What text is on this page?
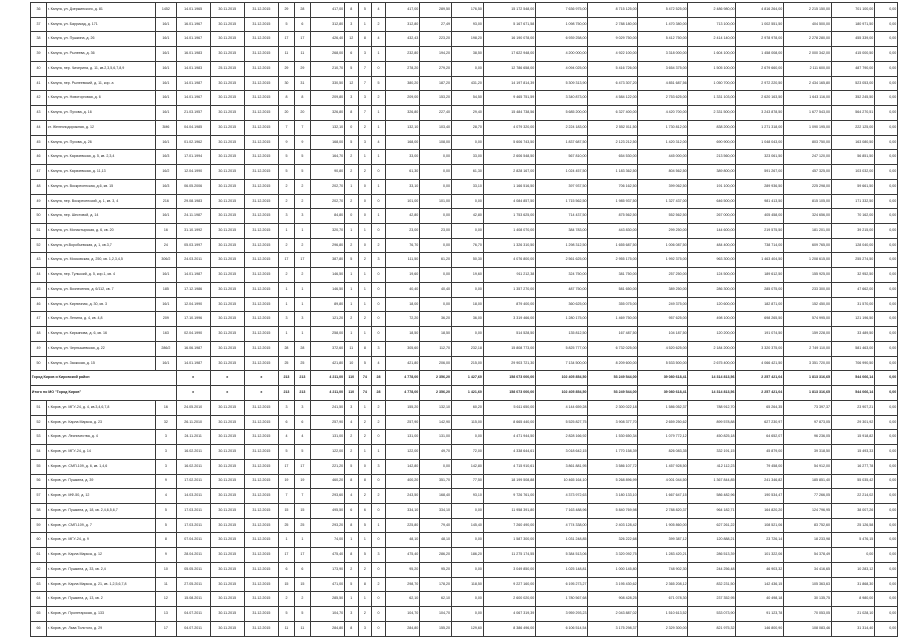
36	г. Калуга, ул. Дзержинского, д. 81	1452	14.01.1965	30.11.2015	31.12.2015	29	28	417,00	8	5	4	417,00	289,50	176,50	15 172 548,00	7 636 975,00	8 715 125,00	5 472 525,00	2 486 980,00	4 816 264,00	2 215 150,00	701 100,00	0,00
37	г. Калуга, ул. Баррикад, д. 171	16/1	16.01.1967	30.11.2015	31.12.2015	5	6	312,80	3	1	2	312,80	27,49	93,00	5 167 671,58	1 098 750,00	2 788 180,00	1 470 380,00	713 100,00	1 002 551,50	404 500,00	180 971,50	0,00
38	г. Калуга, ул. Пушкина, д. 26	16/1	14.01.1967	30.11.2015	31.12.2015	17	17	426,40	12	8	4	432,43	223,20	198,20	16 190 078,00	6 939 258,00	9 029 750,00	5 412 750,00	2 414 140,00	2 978 978,00	2 278 280,00	455 339,00	0,00
39	г. Калуга, ул. Рылеева, д. 36	16/1	16.01.1983	30.11.2015	31.12.2015	11	11	268,00	6	3	1	232,80	194,20	38,50	17 622 948,00	4 200 000,00	4 922 100,00	3 318 000,00	1 604 100,00	1 458 008,00	2 000 342,00	415 000,50	0,00
40	г. Калуга, пер. Чичерина, д. 11, кв.2,3,5,6,7,8,9	16/1	14.01.1983	25.11.2015	31.12.2015	29	29	210,70	5	7	0	278,20	279,20	0,00	12 786 658,00	4 094 025,00	5 416 726,00	3 654 375,00	1 505 100,00	2 679 660,00	2 111 600,00	487 790,00	0,00
41	г. Калуга, пер. Рылеевский, д. 11, кор. а	16/1	14.01.1987	30.11.2015	31.12.2015	30	31	330,50	12	7	5	380,20	187,20	431,20	14 197 814,39	5 309 313,90	6 473 307,20	4 851 687,56	1 050 700,00	2 972 220,50	2 434 165,80	523 053,00	0,00
42	г. Калуга, ул. Новоторговая, д. 6	16/1	14.01.1967	30.11.2015	31.12.2015	8	8	209,80	3	3	2	209,00	153,20	54,50	9 465 751,59	3 340 873,00	4 584 122,00	2 753 625,00	1 331 103,00	2 620 163,50	1 643 116,00	352 245,50	0,00
43	г. Калуга, ул. Пухова, д. 16	16/1	21.03.1957	30.11.2015	31.12.2015	20	20	326,80	8	7	1	326,80	227,40	29,40	15 484 738,56	5 685 200,00	6 327 400,00	4 420 700,00	2 331 500,00	3 243 878,50	1 677 543,00	564 270,51	0,00
44	ст. Железнодорожная, д. 12	3M6	04.04.1985	30.11.2015	31.12.2015	7	7	132,10	0	2	1	132,10	103,40	28,70	4 079 320,00	2 224 183,00	2 552 011,50	1 730 812,00	838 200,00	1 271 318,00	1 090 195,00	222 125,00	0,00
45	г. Калуга, ул. Пухова, д. 26	16/1	01.02.1962	30.11.2015	31.12.2015	9	9	168,00	5	3	4	168,00	108,00	0,00	5 606 743,50	1 837 687,50	2 123 212,50	1 420 312,00	690 900,00	1 048 043,00	803 750,00	163 080,50	0,00
46	г. Калуга, ул. Карачевская, д. 5, кв. 2,3,4	16/3	17.01.1994	30.11.2015	31.12.2015	5	5	164,70	2	1	1	33,00	0,00	33,00	2 606 548,50	567 810,00	654 530,00	445 000,00	213 560,00	323 061,50	247 120,00	56 851,50	0,00
47	г. Калуга, ул. Карачевская, д. 11,13	16/2	12.04.1990	30.11.2015	31.12.2015	5	5	90,80	2	2	0	61,30	0,00	61,30	2 828 167,00	1 024 457,50	1 183 362,50	804 562,50	389 800,00	591 267,00	457 325,00	103 032,00	0,00
48	г. Калуга, ул. Воскресенская, д.6, кв. 15	16/3	06.05.2006	30.11.2015	31.12.2015	2	2	202,70	1	0	1	33,10	0,00	33,10	1 166 516,50	397 937,50	706 162,50	399 062,50	191 100,00	289 936,50	225 298,00	59 661,50	0,00
49	г. Калуга, пер. Воскресенский, д. 1, кв. 3, 4	216	29.08.1983	30.11.2015	31.12.2015	2	2	202,70	2	0	0	101,00	101,00	0,00	4 084 857,50	1 715 562,50	1 985 937,50	1 327 437,00	646 500,00	981 413,50	815 105,00	171 332,50	0,00
50	г. Калуга, пер. Шестовой, д. 14	16/1	24.11.1987	30.11.2015	31.12.2015	3	3	84,80	0	0	1	42,80	0,00	42,80	1 753 625,00	714 437,50	875 562,50	552 562,50	267 000,00	405 458,00	324 656,00	70 162,00	0,00
51	г. Калуга, ул. Монастырская, д. 6, кв. 20	16	31.10.1992	30.11.2015	31.12.2015	1	1	320,70	1	1	0	23,00	23,00	0,00	1 408 070,00	384 783,00	443 830,00	299 250,00	144 600,00	219 575,50	181 201,00	39 215,00	0,00
52	г. Калуга, ул.Воробьевская, д. 1, кв.3,7	24	05.03.1997	30.11.2015	31.12.2015	2	2	296,80	2	0	2	76,70	0,00	76,70	1 326 310,50	1 298 312,50	1 655 687,50	1 006 087,50	484 400,00	738 714,00	609 765,00	128 040,00	0,00
43	г. Калуга, ул. Московская, д. 250, кв. 1,2,3,4,5	306/2	24.03.2011	30.11.2015	31.12.2015	17	17	387,80	5	2	3	111,50	61,20	50,30	4 076 800,00	2 561 625,00	2 955 175,00	1 992 375,00	963 300,00	1 463 404,50	1 208 615,00	255 274,50	0,00
44	г. Калуга, пер. Тульский, д. 5, кор.1, кв. 4	16/1	14.01.1987	30.11.2015	31.12.2015	2	2	146,50	1	1	0	19,60	0,00	19,60	911 212,38	324 750,00	381 750,00	257 250,00	124 500,00	189 612,50	155 925,00	32 952,50	0,00
45	г. Калуга, ул. Вознесения, д. 6/112, кв. 7	185	17.12.1986	30.11.2015	31.12.2015	1	1	146,50	1	1	0	40,40	40,40	0,00	1 357 270,00	487 750,00	581 650,00	389 250,00	286 300,00	285 075,00	233 300,00	47 662,00	0,00
46	г. Калуга, ул. Кирпичная, д. 30, кв. 3	16/1	12.04.1990	30.11.2015	31.12.2015	1	1	89,80	1	1	0	18,00	0,00	18,00	879 400,00	360 625,00	355 075,00	249 375,00	120 600,00	182 871,00	152 450,00	31 570,00	0,00
47	г. Калуга, ул. Ленина, д. 4, кв. 4,8	209	17.10.1996	30.11.2015	31.12.2015	3	3	121,20	2	2	0	72,20	36,20	36,00	3 319 466,00	1 280 175,00	1 469 750,00	957 625,00	498 100,00	698 265,50	574 995,00	121 196,50	0,00
48	г. Калуга, ул. Кирьянова, д. 6, кв. 16	163	02.04.1990	30.11.2015	31.12.2015	1	1	258,00	1	1	0	18,50	18,50	0,00	514 528,50	135 812,50	167 487,50	104 187,50	120 200,00	191 074,50	159 228,00	33 489,50	0,00
49	г. Калуга, ул. Чернышевская, д. 22	286/2	16.06.1987	30.11.2015	31.12.2015	28	28	372,60	11	8	3	305,60	112,70	232,18	15 808 773,00	5 825 777,00	6 732 025,00	4 520 625,00	2 184 200,00	3 320 375,00	2 749 110,00	581 463,00	0,00
50	г. Калуга, ул. Заокская, д. 15	16/1	14.01.1987	30.11.2015	31.12.2015	25	25	421,80	10	5	4	421,80	206,00	215,00	29 903 721,30	7 134 500,00	8 209 600,00	5 533 500,00	2 675 400,00	4 066 421,50	3 351 720,00	706 990,50	0,00
Город Киров и Кировский район			х	х	х	213	213	4 211,00	110	74	28	4 778,00	2 356,20	1 427,60	158 073 000,00	102 405 854,50	53 249 544,00	39 080 618,41	14 314 813,56	2 257 421,04	1 813 316,65	544 066,14	0,00
Итого по МО "Город Киров"			х	х	х	213	213	4 211,00	110	74	28	4 778,00	2 356,20	1 421,60	158 073 000,00	102 405 854,50	53 249 544,00	39 080 618,41	14 314 813,56	2 257 421,04	1 813 316,65	544 066,14	0,00
51	г. Киров, ул. МГУ-24, д. 4, кв.3,4,6,7,8	16	24.05.2010	30.11.2015	31.12.2015	3	3	241,50	3	1	2	155,20	132,10	60,20	5 611 650,00	4 144 659,28	2 300 022,18	1 586 052,37	788 912,70	65 264,35	73 397,37	23 907,21	0,00
52	г. Киров, ул. Карла Маркса, д. 23	32	26.11.2010	30.11.2015	31.12.2015	6	6	257,90	4	2	2	257,90	142,90	115,00	8 665 440,00	5 525 827,75	3 908 377,70	2 659 250,62	899 578,88	627 230,97	97 873,05	29 301,92	0,00
53	г. Киров, ул. Лесничества, д. 4	3	24.11.2011	30.11.2015	31.12.2015	4	4	131,00	2	2	0	131,00	131,00	0,00	4 471 944,50	2 828 166,92	1 530 650,34	1 079 772,12	450 825,18	64 652,07	96 236,05	15 918,82	0,00
54	г. Киров, ул. МГУ-24, д. 14	3	16.02.2011	30.11.2015	31.12.2015	5	5	122,00	2	1	1	122,00	49,70	72,00	4 338 644,61	3 018 642,15	1 770 158,39	826 083,35	332 191,15	45 879,00	39 318,50	15 493,33	0,00
55	г. Киров, ул. СМП-109, д. 6, кв. 1,4,6	3	16.02.2011	30.11.2015	31.12.2015	17	17	221,20	5	0	3	142,80	0,00	142,80	4 715 910,61	3 861 881,95	3 586 107,72	1 457 928,50	412 112,23	79 458,00	54 912,00	16 277,78	0,00
56	г. Киров, ул. Пушкина, д. 39	9	17.02.2011	30.11.2015	31.12.2015	19	19	460,20	8	8	0	400,20	351,70	77,50	18 199 508,88	10 465 164,10	5 268 896,99	4 001 044,50	1 367 844,85	241 346,82	185 851,40	55 035,42	0,00
57	г. Киров, ул. МФ-50, д. 12	4	14.03.2011	30.11.2015	31.12.2015	7	7	293,60	4	2	2	243,50	168,40	93,10	9 726 761,00	4 373 972,63	3 180 133,10	1 667 647,15	586 482,96	190 534,47	77 266,05	22 214,02	0,00
58	г. Киров, ул. Пушкина, д. 18, кв. 2,4,6,5,6,7	5	17.03.2011	30.11.2015	31.12.2015	15	15	495,50	6	6	0	334,10	334,10	0,00	11 958 391,80	7 163 488,96	5 840 769,98	2 788 820,37	964 182,71	164 820,20	124 796,95	38 007,26	0,00
59	г. Киров, ул. СМП-109, д. 7	5	17.03.2011	30.11.2015	31.12.2015	25	25	293,20	8	5	1	225,80	79,40	145,40	7 260 490,00	4 774 338,00	2 403 128,42	1 905 860,00	627 261,22	108 521,06	83 752,60	25 126,58	0,00
60	г. Киров, ул. МГУ-24, д. 9	8	07.04.2011	30.11.2015	31.12.2015	1	1	74,00	1	1	0	48,10	48,10	0,00	1 587 300,00	1 031 248,85	326 222,68	399 387,12	120 888,21	23 726,14	18 233,98	5 476,15	0,00
61	г. Киров, ул. Карла Маркса, д. 12	9	28.04.2011	30.11.2015	31.12.2015	17	17	475,40	8	5	3	475,40	286,20	186,20	11 275 174,55	5 384 513,06	3 320 092,75	1 283 420,21	286 513,39	101 322,06	54 378,49	0,00	0,00
62	г. Киров, ул. Пушкина, д. 33, кв. 2,4	10	05.05.2011	30.11.2015	31.12.2015	6	6	173,90	2	2	0	95,20	95,20	0,00	3 049 850,00	1 025 148,81	1 000 145,80	748 902,30	244 256,48	46 903,32	34 416,65	10 283,12	0,00
63	г. Киров, ул. Карла Маркса, д. 21, кв. 1,2,5,6,7,8	11	27.05.2011	30.11.2015	31.12.2015	15	15	471,00	5	8	2	298,70	178,20	118,50	9 227 160,00	6 195 273,27	3 195 430,62	2 365 208,12	832 231,50	142 436,15	105 363,63	31 868,30	0,00
64	г. Киров, ул. Пушкина, д. 13, кв. 2	12	15.08.2011	30.11.2015	31.12.2015	2	2	285,50	1	1	0	62,10	62,10	0,00	2 600 020,00	1 780 567,68	908 428,25	671 078,30	237 352,95	40 498,18	30 135,75	8 980,00	0,00
65	г. Киров, ул. Пролетарская, д. 133	13	04.07.2011	30.11.2015	31.12.2015	5	5	104,70	3	2	0	104,70	104,70	0,00	4 067 319,39	3 959 293,23	2 043 887,02	1 510 613,52	533 073,90	91 123,78	70 053,05	21 028,10	0,00
66	г. Киров, ул. Льва Толстого, д. 29	17	04.07.2011	30.11.2015	31.12.2015	11	11	284,80	8	3	0	284,80	155,20	129,60	8 386 496,00	6 106 514,54	3 175 298,37	2 329 300,00	821 975,32	146 800,90	108 083,46	31 314,40	0,00
